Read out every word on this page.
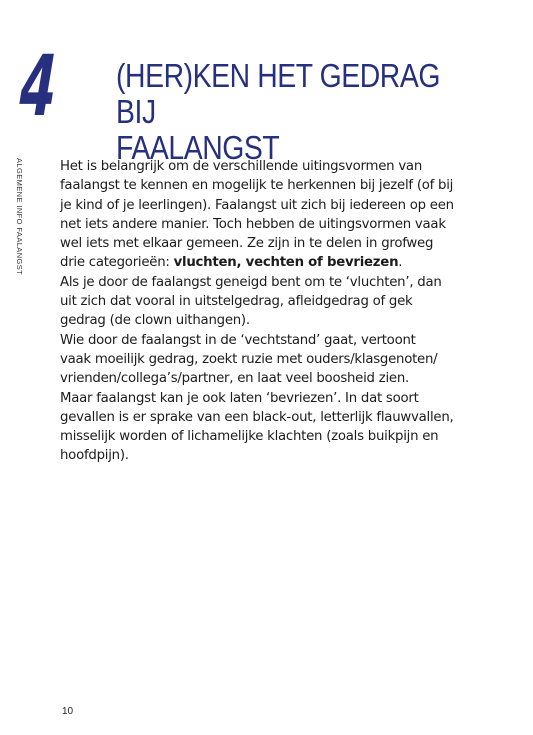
4 (HER)KEN HET GEDRAG BIJ
FAALANGST
ALGEMENE INFO FAALANGST	Het is belangrijk om de verschillende uitingsvormen van
faalangst te kennen en mogelijk te herkennen bij jezelf (of bij
je kind of je leerlingen). Faalangst uit zich bij iedereen op een
net iets andere manier. Toch hebben de uitingsvormen vaak
wel iets met elkaar gemeen. Ze zijn in te delen in grofweg
drie categorieën: vluchten, vechten of bevriezen.
Als je door de faalangst geneigd bent om te ‘vluchten’, dan
uit zich dat vooral in uitstelgedrag, afleidgedrag of gek
gedrag (de clown uithangen).
Wie door de faalangst in de ‘vechtstand’ gaat, vertoont
vaak moeilijk gedrag, zoekt ruzie met ouders/klasgenoten/
vrienden/collega’s/partner, en laat veel boosheid zien.
Maar faalangst kan je ook laten ‘bevriezen’. In dat soort
gevallen is er sprake van een black-out, letterlijk flauwvallen,
misselijk worden of lichamelijke klachten (zoals buikpijn en
hoofdpijn).
10
